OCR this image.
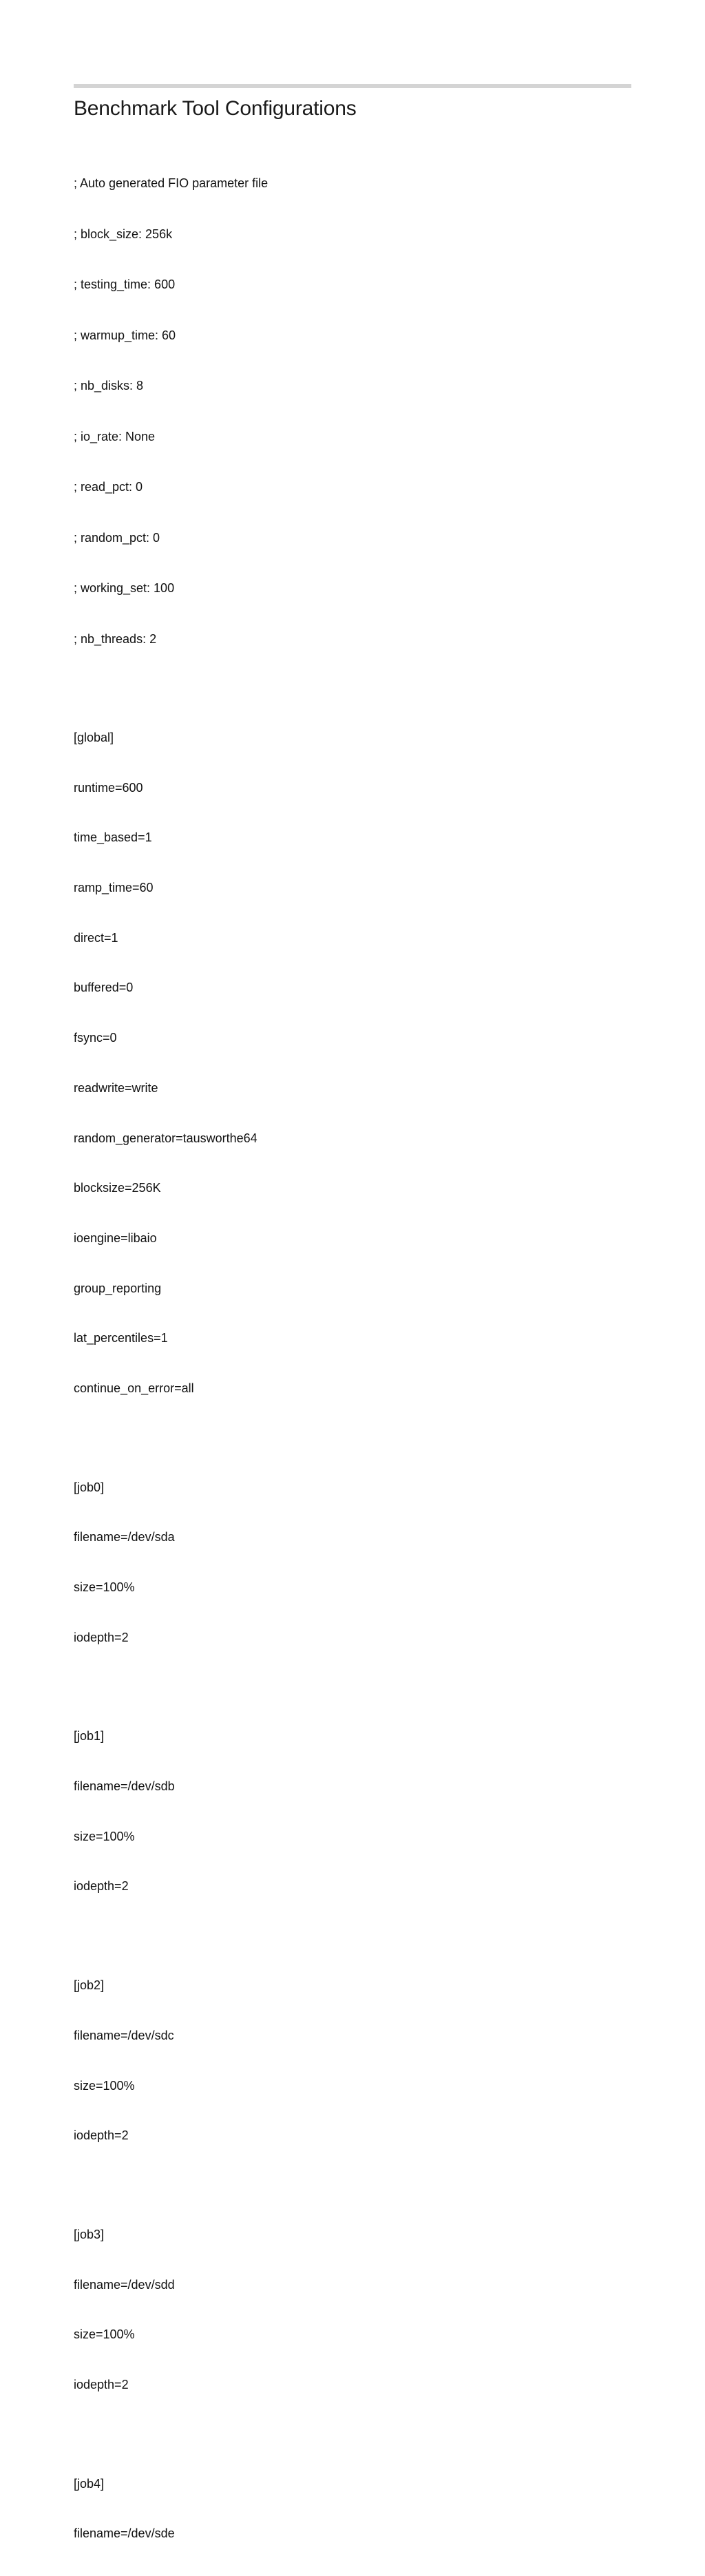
Benchmark Tool Configurations

; Auto generated FIO parameter file

; block_size: 256k

; testing_time: 600

; warmup_time: 60

; nb_disks: 8

; io_rate: None

; read_pct: 0

; random_pct: 0

; working_set: 100

; nb_threads: 2

[global]

runtime=600

time_based=1

ramp_time=60

direct=1

buffered=0

fsync=0

readwrite=write

random_generator=tausworthe64

blocksize=256K

ioengine=libaio

group_reporting

lat_percentiles=1

continue_on_error=all

[job0]

filename=/dev/sda

size=100%

iodepth=2

[job1]

filename=/dev/sdb

size=100%

iodepth=2

[job2]

filename=/dev/sdc

size=100%

iodepth=2

[job3]

filename=/dev/sdd

size=100%

iodepth=2

[job4]

filename=/dev/sde
